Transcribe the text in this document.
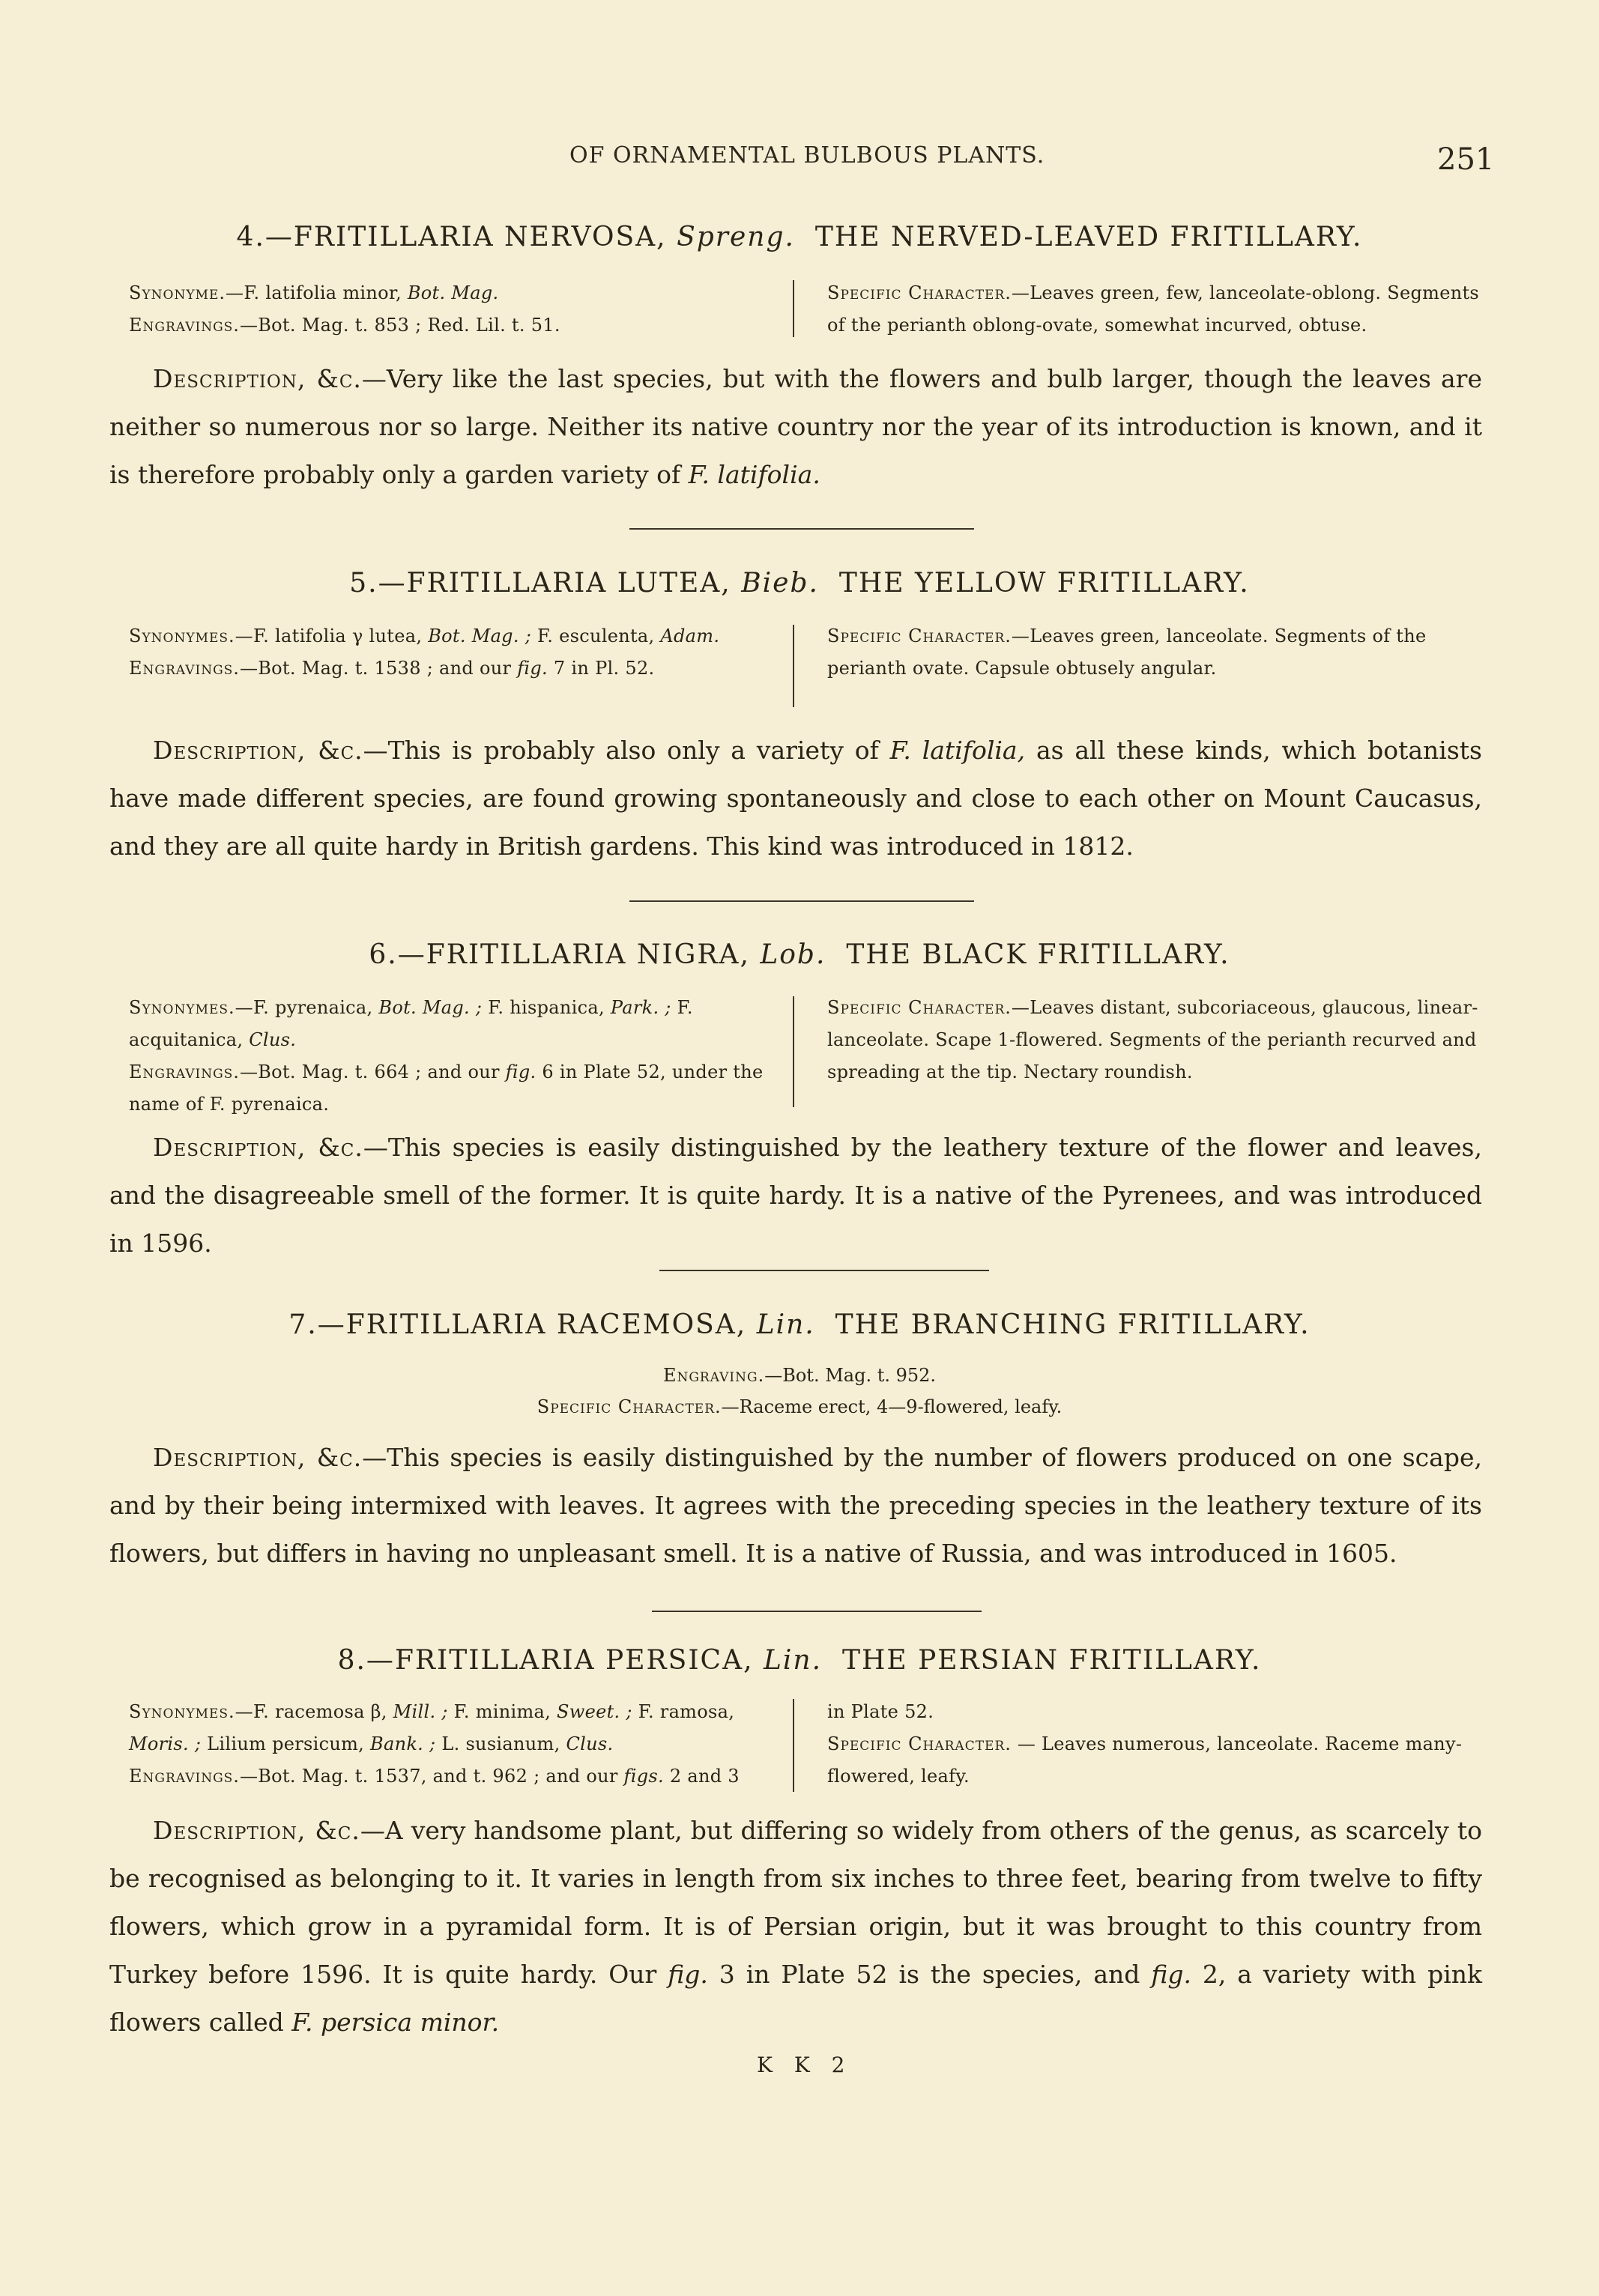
OF ORNAMENTAL BULBOUS PLANTS.	251
4.—FRITILLARIA NERVOSA, Spreng. THE NERVED-LEAVED FRITILLARY.
Synonyme.—F. latifolia minor, Bot. Mag.
Engravings.—Bot. Mag. t. 853 ; Red. Lil. t. 51.
Specific Character.—Leaves green, few, lanceolate-oblong. Segments of the perianth oblong-ovate, somewhat incurved, obtuse.
Description, &c.—Very like the last species, but with the flowers and bulb larger, though the leaves are neither so numerous nor so large. Neither its native country nor the year of its introduction is known, and it is therefore probably only a garden variety of F. latifolia.
5.—FRITILLARIA LUTEA, Bieb. THE YELLOW FRITILLARY.
Synonymes.—F. latifolia γ lutea, Bot. Mag. ; F. esculenta, Adam.
Engravings.—Bot. Mag. t. 1538 ; and our fig. 7 in Pl. 52.
Specific Character.—Leaves green, lanceolate. Segments of the perianth ovate. Capsule obtusely angular.
Description, &c.—This is probably also only a variety of F. latifolia, as all these kinds, which botanists have made different species, are found growing spontaneously and close to each other on Mount Caucasus, and they are all quite hardy in British gardens. This kind was introduced in 1812.
6.—FRITILLARIA NIGRA, Lob. THE BLACK FRITILLARY.
Synonymes.—F. pyrenaica, Bot. Mag. ; F. hispanica, Park. ; F. acquitanica, Clus.
Engravings.—Bot. Mag. t. 664 ; and our fig. 6 in Plate 52, under the name of F. pyrenaica.
Specific Character.—Leaves distant, subcoriaceous, glaucous, linear-lanceolate. Scape 1-flowered. Segments of the perianth recurved and spreading at the tip. Nectary roundish.
Description, &c.—This species is easily distinguished by the leathery texture of the flower and leaves, and the disagreeable smell of the former. It is quite hardy. It is a native of the Pyrenees, and was introduced in 1596.
7.—FRITILLARIA RACEMOSA, Lin. THE BRANCHING FRITILLARY.
Engraving.—Bot. Mag. t. 952.
Specific Character.—Raceme erect, 4—9-flowered, leafy.
Description, &c.—This species is easily distinguished by the number of flowers produced on one scape, and by their being intermixed with leaves. It agrees with the preceding species in the leathery texture of its flowers, but differs in having no unpleasant smell. It is a native of Russia, and was introduced in 1605.
8.—FRITILLARIA PERSICA, Lin. THE PERSIAN FRITILLARY.
Synonymes.—F. racemosa β, Mill. ; F. minima, Sweet. ; F. ramosa, Moris. ; Lilium persicum, Bank. ; L. susianum, Clus.
Engravings.—Bot. Mag. t. 1537, and t. 962 ; and our figs. 2 and 3
in Plate 52.
Specific Character. — Leaves numerous, lanceolate. Raceme many-flowered, leafy.
Description, &c.—A very handsome plant, but differing so widely from others of the genus, as scarcely to be recognised as belonging to it. It varies in length from six inches to three feet, bearing from twelve to fifty flowers, which grow in a pyramidal form. It is of Persian origin, but it was brought to this country from Turkey before 1596. It is quite hardy. Our fig. 3 in Plate 52 is the species, and fig. 2, a variety with pink flowers called F. persica minor.
K K 2
